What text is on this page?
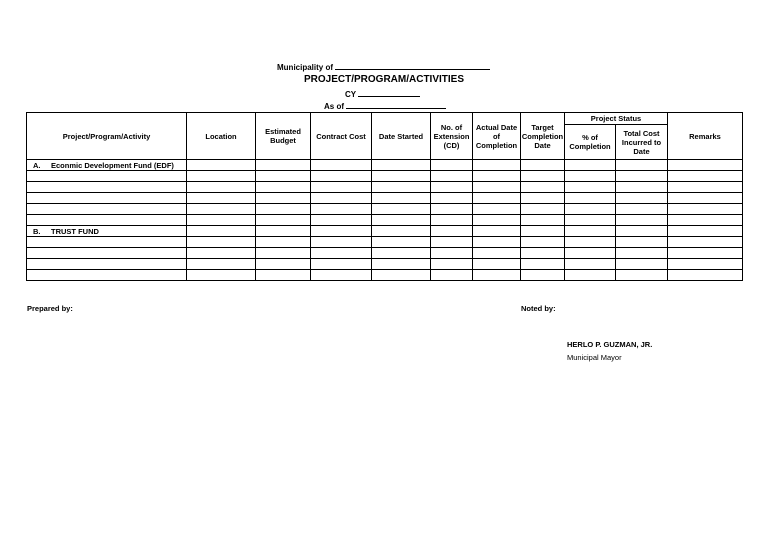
Municipality of
PROJECT/PROGRAM/ACTIVITIES
CY
As of
Project/Program/Activity	Location	Estimated Budget	Contract Cost	Date Started	No. of Extension (CD)	Actual Date of Completion	Target Completion Date	Project Status		Remarks
								% of Completion	Total Cost Incurred to Date	
A. Econmic Development Fund (EDF)										

B. TRUST FUND										

Prepared by:	Noted by:
HERLO P. GUZMAN, JR.
Municipal Mayor
